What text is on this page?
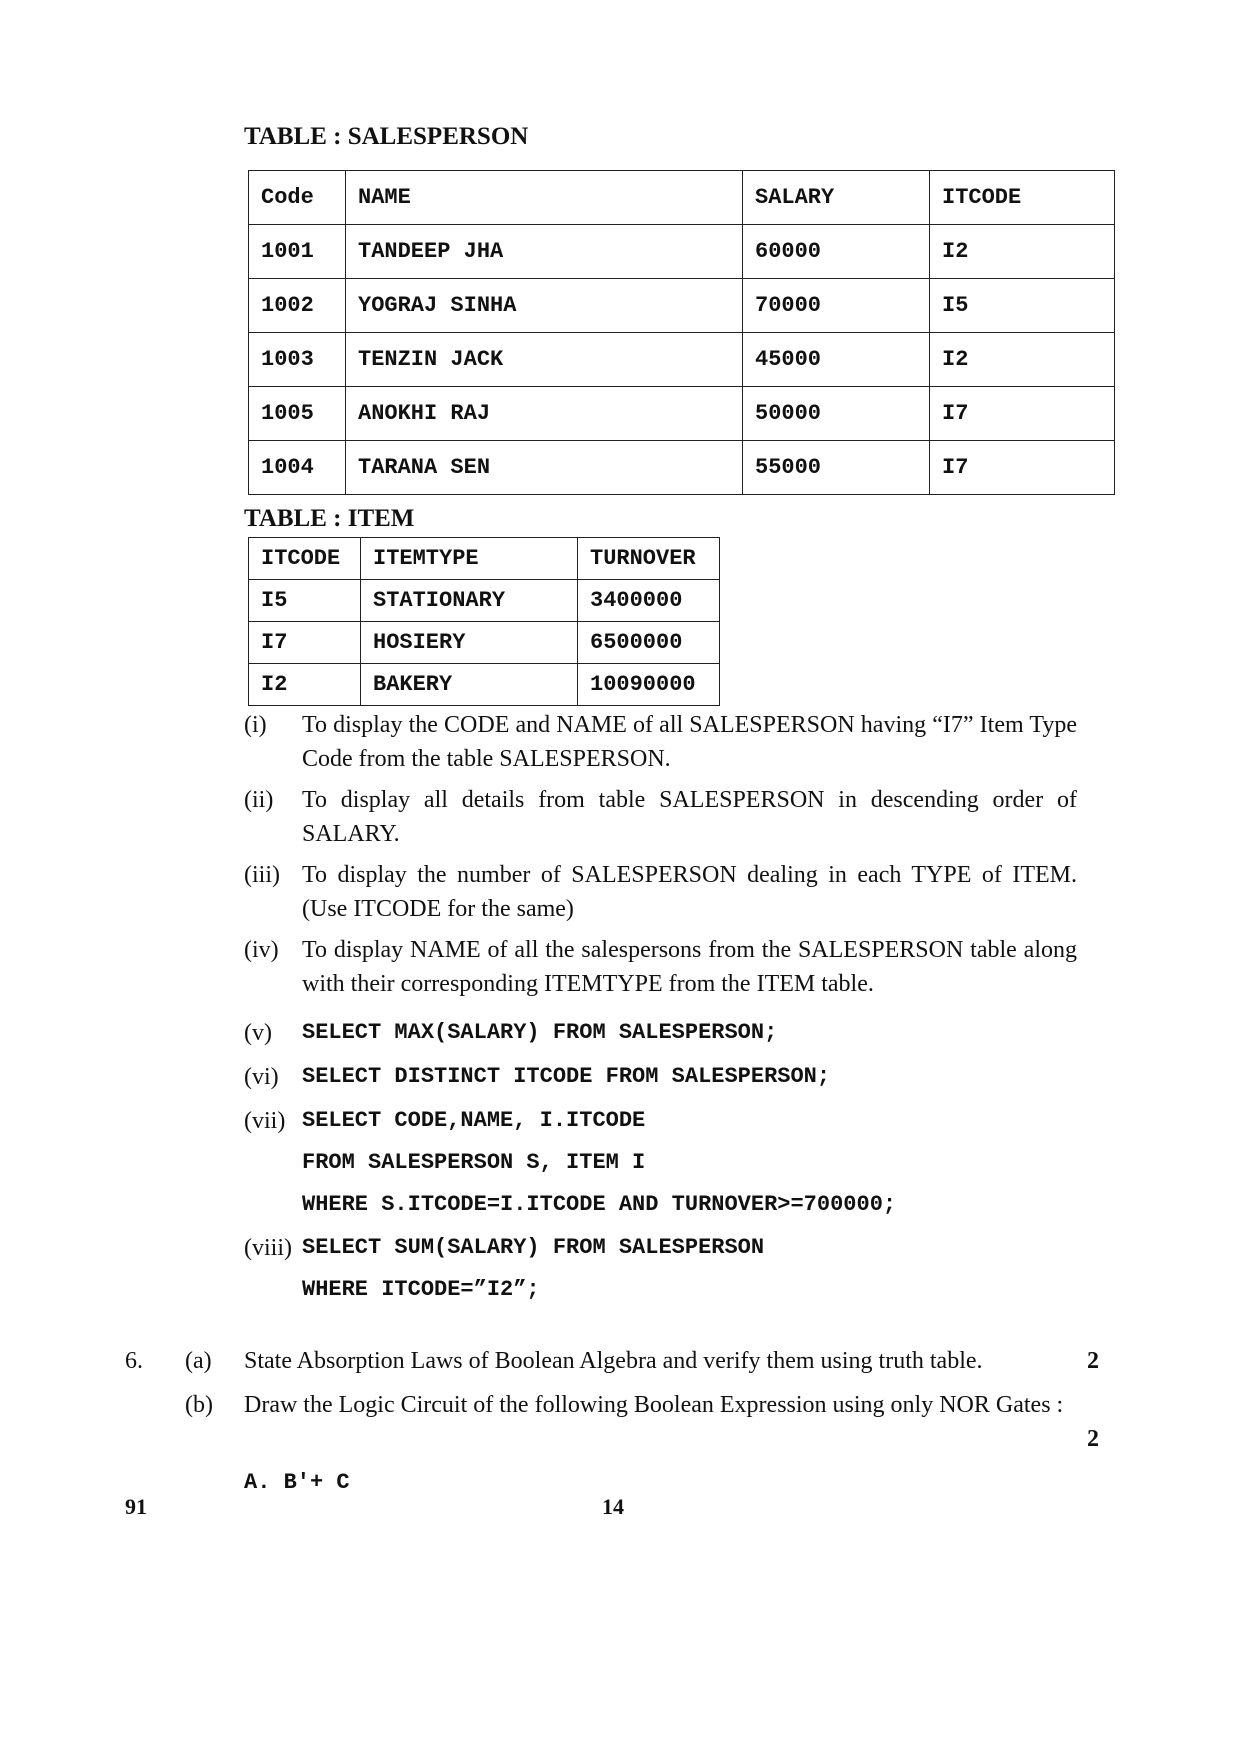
TABLE : SALESPERSON
Code	NAME	SALARY	ITCODE
1001	TANDEEP JHA	60000	I2
1002	YOGRAJ SINHA	70000	I5
1003	TENZIN JACK	45000	I2
1005	ANOKHI RAJ	50000	I7
1004	TARANA SEN	55000	I7
TABLE : ITEM
ITCODE	ITEMTYPE	TURNOVER
I5	STATIONARY	3400000
I7	HOSIERY	6500000
I2	BAKERY	10090000
(i) To display the CODE and NAME of all SALESPERSON having “I7” Item Type Code from the table SALESPERSON.
(ii) To display all details from table SALESPERSON in descending order of SALARY.
(iii) To display the number of SALESPERSON dealing in each TYPE of ITEM. (Use ITCODE for the same)
(iv) To display NAME of all the salespersons from the SALESPERSON table along with their corresponding ITEMTYPE from the ITEM table.
(v) SELECT MAX(SALARY) FROM SALESPERSON;
(vi) SELECT DISTINCT ITCODE FROM SALESPERSON;
(vii) SELECT CODE,NAME, I.ITCODE
FROM SALESPERSON S, ITEM I
WHERE S.ITCODE=I.ITCODE AND TURNOVER>=700000;
(viii) SELECT SUM(SALARY) FROM SALESPERSON
WHERE ITCODE=”I2”;
6. (a) State Absorption Laws of Boolean Algebra and verify them using truth table.	2
(b) Draw the Logic Circuit of the following Boolean Expression using only NOR Gates :
2
A. B′+ C
91	14
